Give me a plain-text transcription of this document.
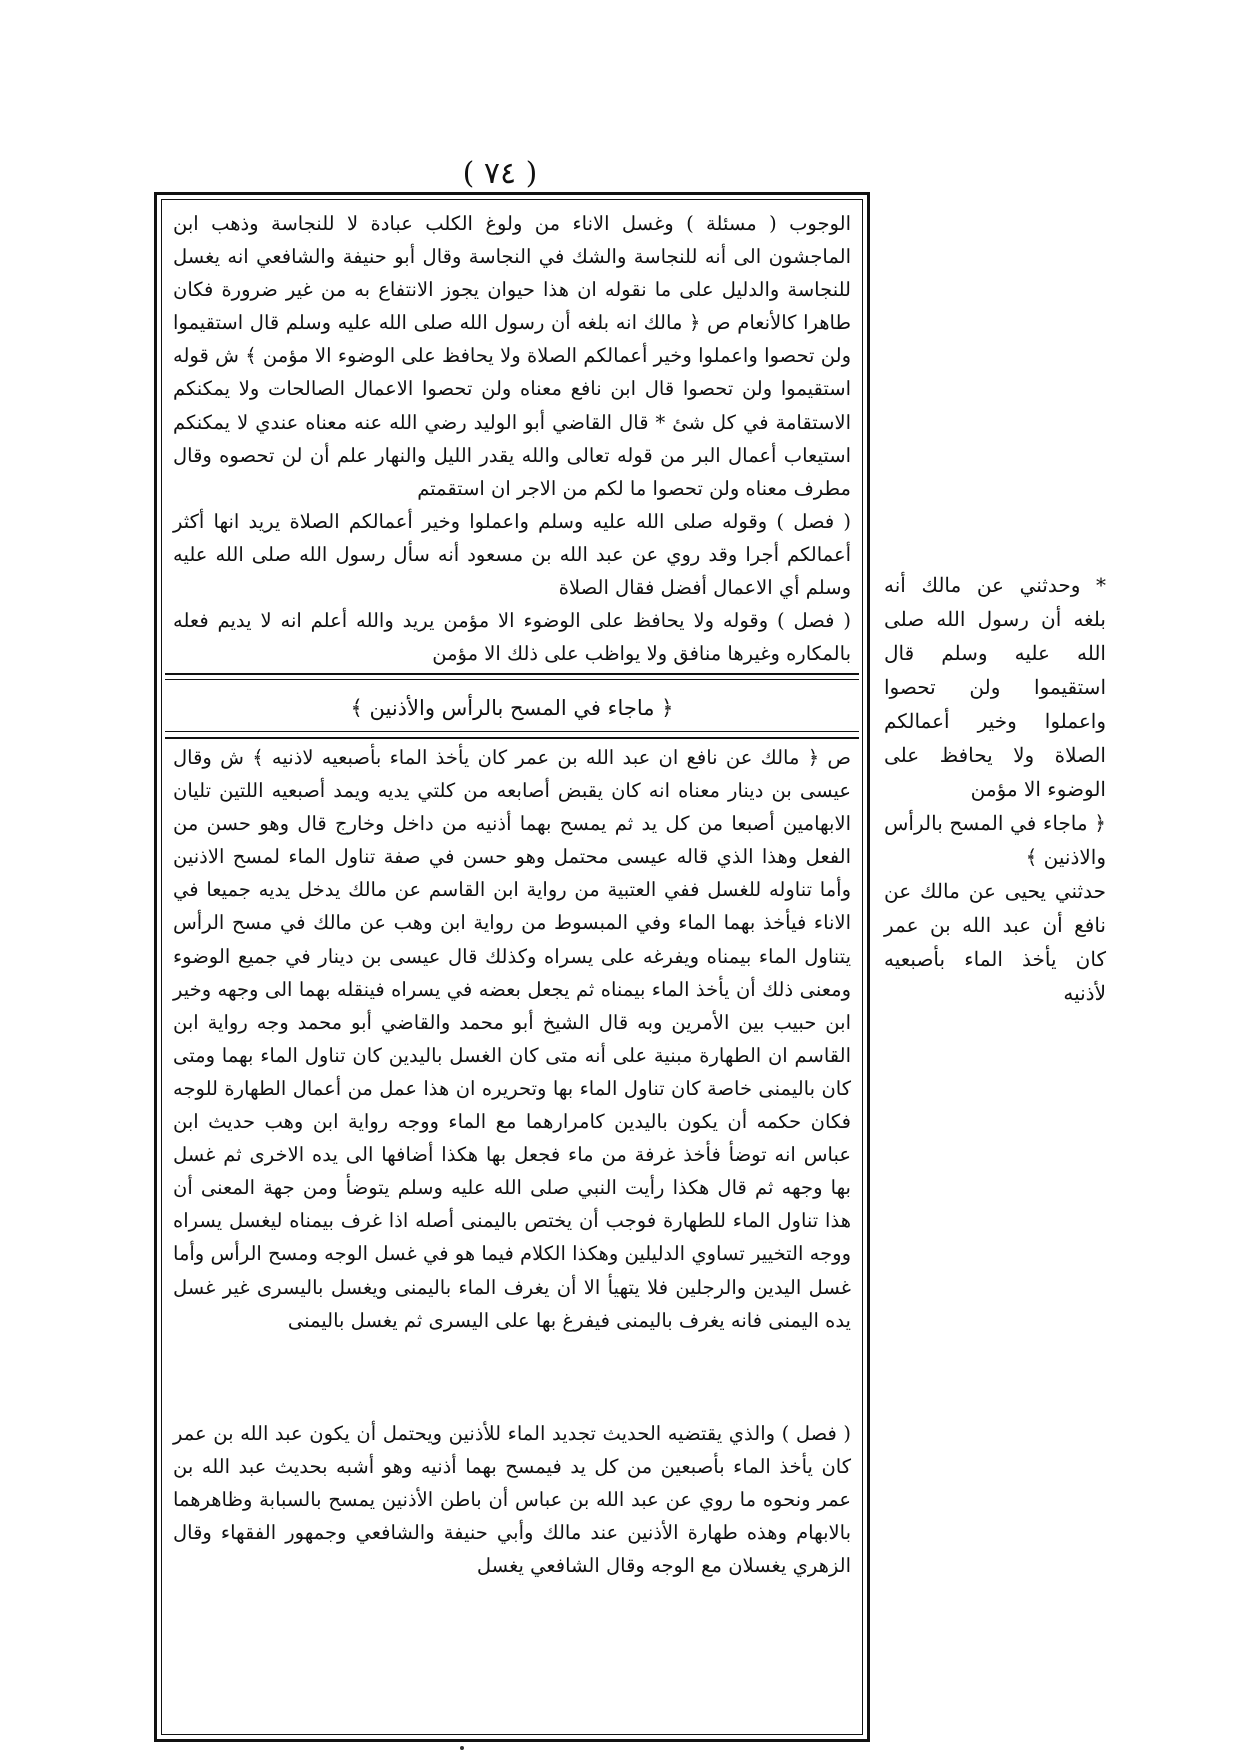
( ٧٤ )

الوجوب ( مسئلة ) وغسل الاناء من ولوغ الكلب عبادة لا للنجاسة وذهب ابن الماجشون الى أنه للنجاسة والشك في النجاسة وقال أبو حنيفة والشافعي انه يغسل للنجاسة والدليل على ما نقوله ان هذا حيوان يجوز الانتفاع به من غير ضرورة فكان طاهرا كالأنعام ص ﴿ مالك انه بلغه أن رسول الله صلى الله عليه وسلم قال استقيموا ولن تحصوا واعملوا وخير أعمالكم الصلاة ولا يحافظ على الوضوء الا مؤمن ﴾ ش قوله استقيموا ولن تحصوا قال ابن نافع معناه ولن تحصوا الاعمال الصالحات ولا يمكنكم الاستقامة في كل شئ * قال القاضي أبو الوليد رضي الله عنه معناه عندي لا يمكنكم استيعاب أعمال البر من قوله تعالى والله يقدر الليل والنهار علم أن لن تحصوه وقال مطرف معناه ولن تحصوا ما لكم من الاجر ان استقمتم

( فصل ) وقوله صلى الله عليه وسلم واعملوا وخير أعمالكم الصلاة يريد انها أكثر أعمالكم أجرا وقد روي عن عبد الله بن مسعود أنه سأل رسول الله صلى الله عليه وسلم أي الاعمال أفضل فقال الصلاة

( فصل ) وقوله ولا يحافظ على الوضوء الا مؤمن يريد والله أعلم انه لا يديم فعله بالمكاره وغيرها منافق ولا يواظب على ذلك الا مؤمن

﴿ ماجاء في المسح بالرأس والأذنين ﴾

ص ﴿ مالك عن نافع ان عبد الله بن عمر كان يأخذ الماء بأصبعيه لاذنيه ﴾ ش وقال عيسى بن دينار معناه انه كان يقبض أصابعه من كلتي يديه ويمد أصبعيه اللتين تليان الابهامين أصبعا من كل يد ثم يمسح بهما أذنيه من داخل وخارج قال وهو حسن من الفعل وهذا الذي قاله عيسى محتمل وهو حسن في صفة تناول الماء لمسح الاذنين وأما تناوله للغسل ففي العتبية من رواية ابن القاسم عن مالك يدخل يديه جميعا في الاناء فيأخذ بهما الماء وفي المبسوط من رواية ابن وهب عن مالك في مسح الرأس يتناول الماء بيمناه ويفرغه على يسراه وكذلك قال عيسى بن دينار في جميع الوضوء ومعنى ذلك أن يأخذ الماء بيمناه ثم يجعل بعضه في يسراه فينقله بهما الى وجهه وخير ابن حبيب بين الأمرين وبه قال الشيخ أبو محمد والقاضي أبو محمد وجه رواية ابن القاسم ان الطهارة مبنية على أنه متى كان الغسل باليدين كان تناول الماء بهما ومتى كان باليمنى خاصة كان تناول الماء بها وتحريره ان هذا عمل من أعمال الطهارة للوجه فكان حكمه أن يكون باليدين كامرارهما مع الماء ووجه رواية ابن وهب حديث ابن عباس انه توضأ فأخذ غرفة من ماء فجعل بها هكذا أضافها الى يده الاخرى ثم غسل بها وجهه ثم قال هكذا رأيت النبي صلى الله عليه وسلم يتوضأ ومن جهة المعنى أن هذا تناول الماء للطهارة فوجب أن يختص باليمنى أصله اذا غرف بيمناه ليغسل يسراه ووجه التخيير تساوي الدليلين وهكذا الكلام فيما هو في غسل الوجه ومسح الرأس وأما غسل اليدين والرجلين فلا يتهيأ الا أن يغرف الماء باليمنى ويغسل باليسرى غير غسل يده اليمنى فانه يغرف باليمنى فيفرغ بها على اليسرى ثم يغسل باليمنى

( فصل ) والذي يقتضيه الحديث تجديد الماء للأذنين ويحتمل أن يكون عبد الله بن عمر كان يأخذ الماء بأصبعين من كل يد فيمسح بهما أذنيه وهو أشبه بحديث عبد الله بن عمر ونحوه ما روي عن عبد الله بن عباس أن باطن الأذنين يمسح بالسبابة وظاهرهما بالابهام وهذه طهارة الأذنين عند مالك وأبي حنيفة والشافعي وجمهور الفقهاء وقال الزهري يغسلان مع الوجه وقال الشافعي يغسل

* وحدثني عن مالك أنه بلغه أن رسول الله صلى الله عليه وسلم قال استقيموا ولن تحصوا واعملوا وخير أعمالكم الصلاة ولا يحافظ على الوضوء الا مؤمن

﴿ ماجاء في المسح بالرأس والاذنين ﴾

حدثني يحيى عن مالك عن نافع أن عبد الله بن عمر كان يأخذ الماء بأصبعيه لأذنيه
